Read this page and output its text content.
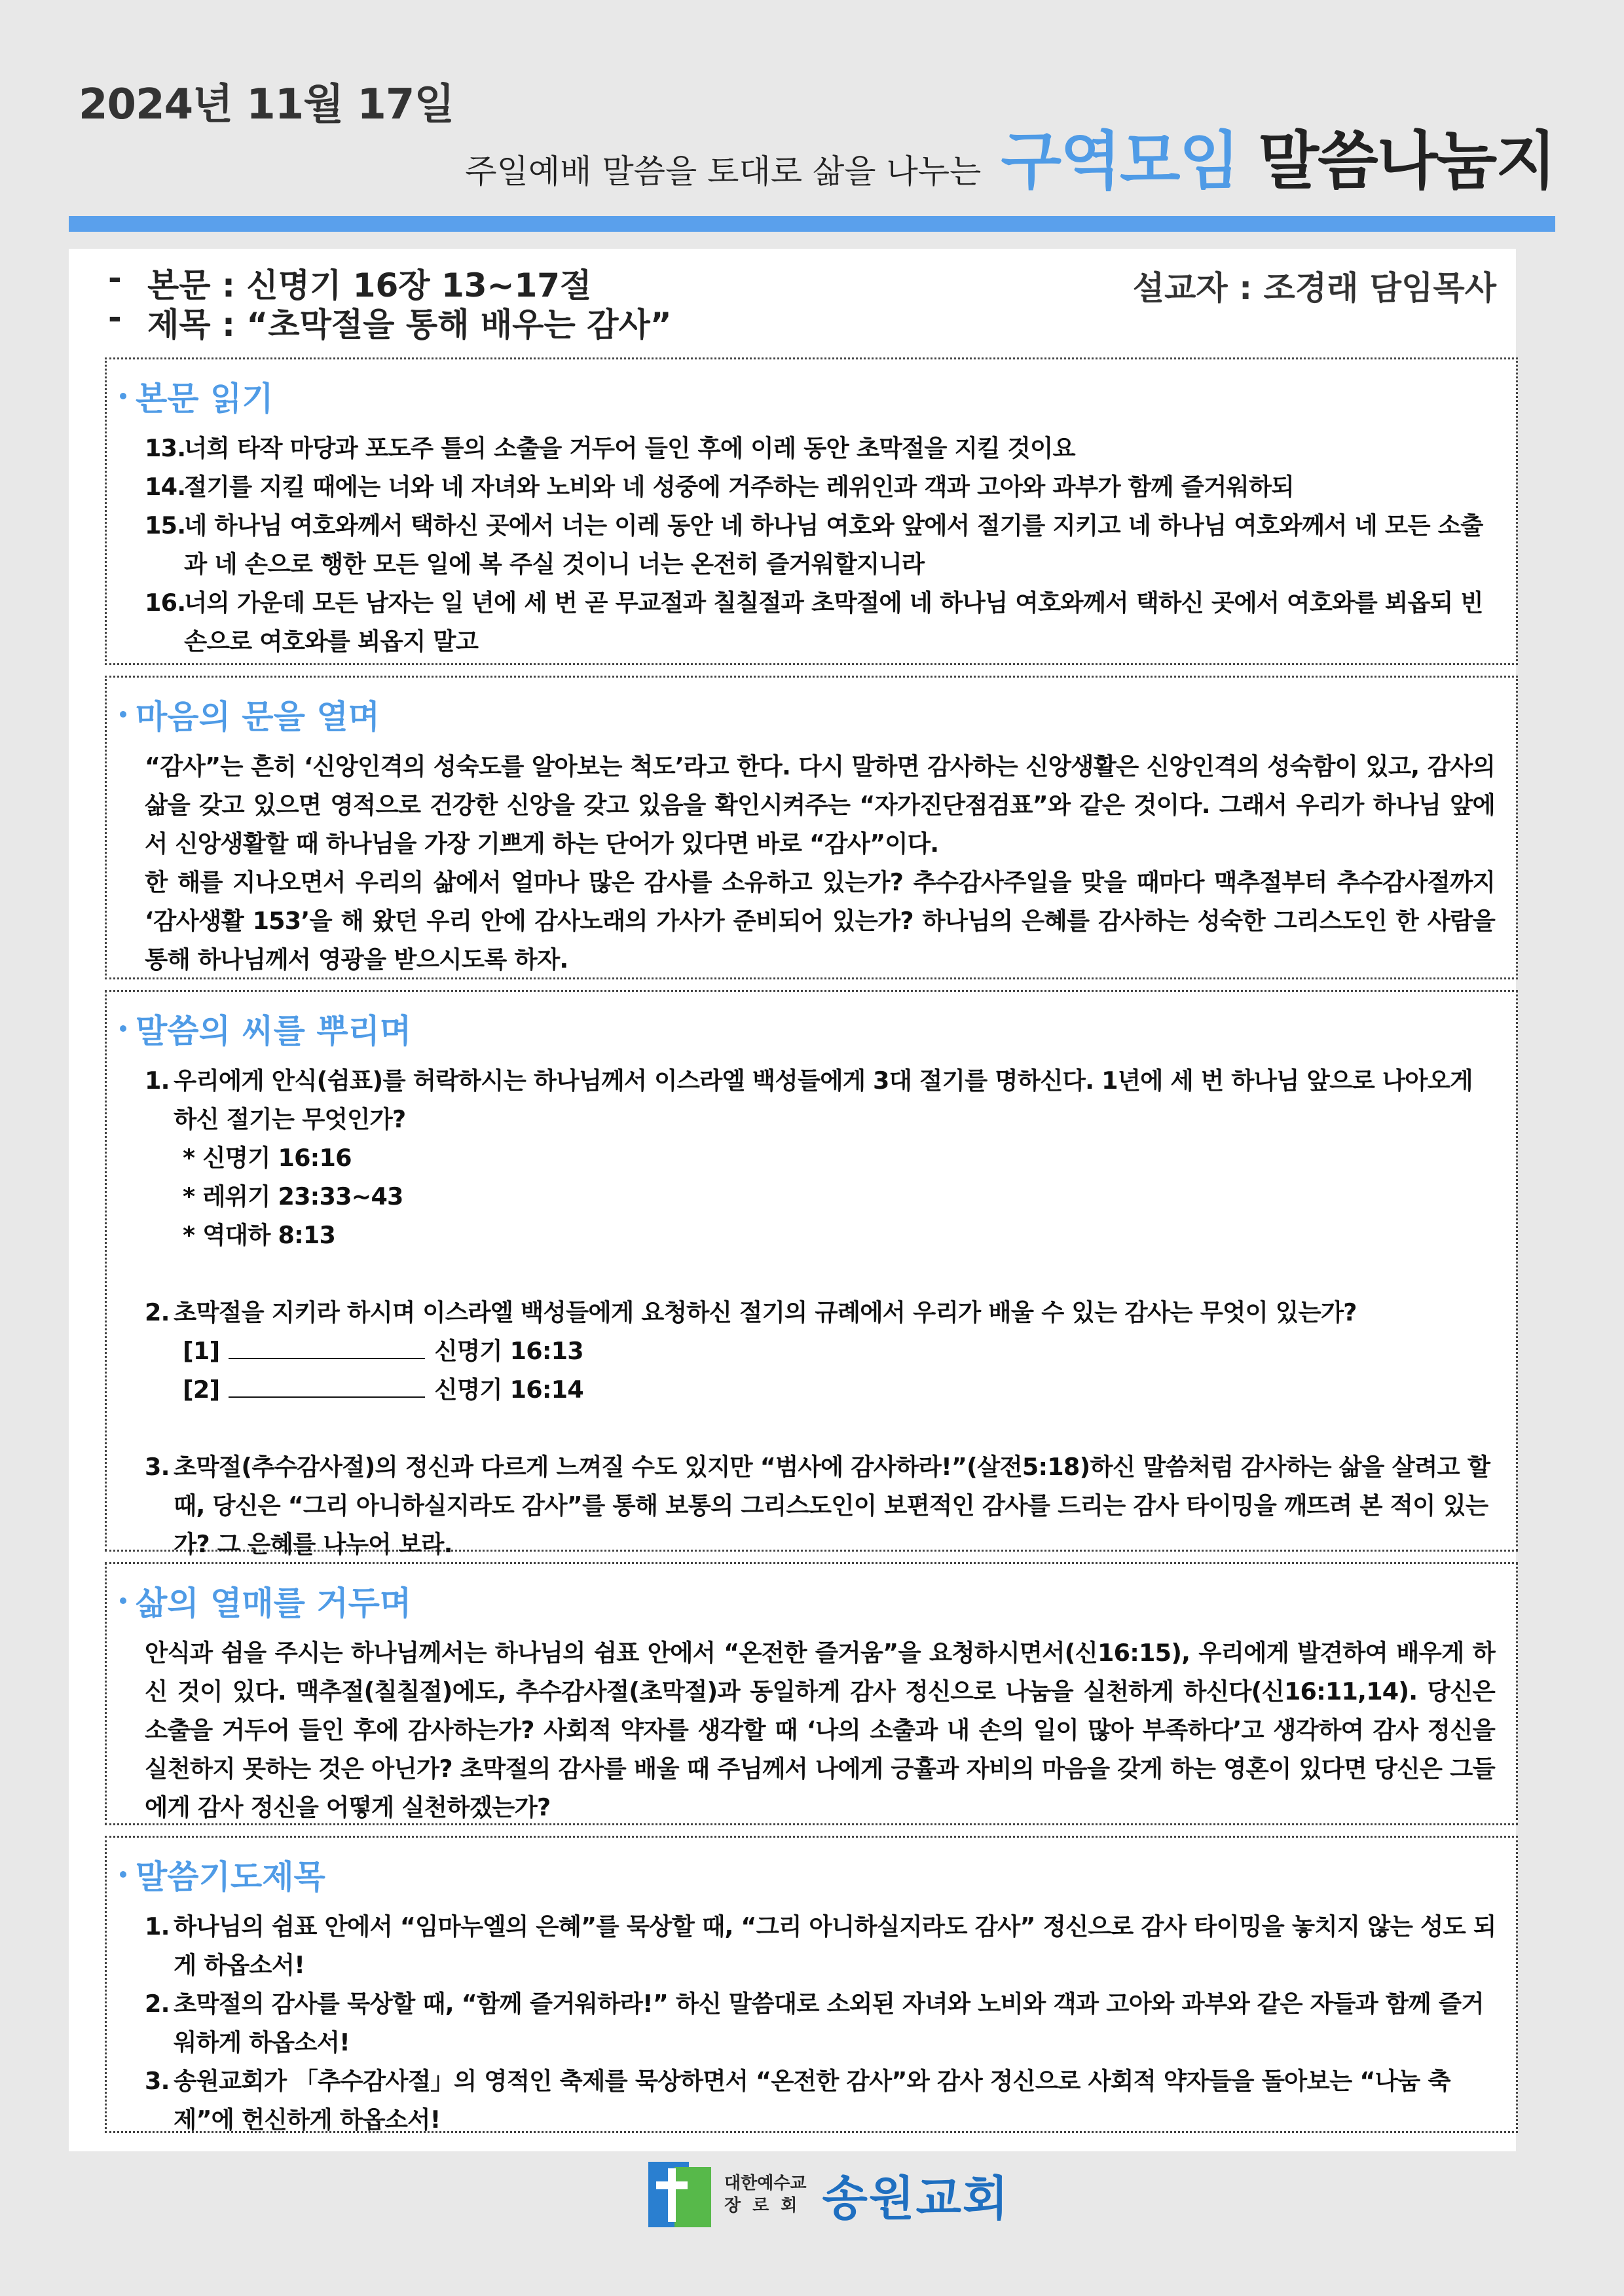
2024년 11월 17일
주일예배 말씀을 토대로 삶을 나누는 구역모임 말씀나눔지
- 본문 : 신명기 16장 13~17절
- 제목 : “초막절을 통해 배우는 감사”
설교자 : 조경래 담임목사
본문 읽기
13.
너희 타작 마당과 포도주 틀의 소출을 거두어 들인 후에 이레 동안 초막절을 지킬 것이요
14.
절기를 지킬 때에는 너와 네 자녀와 노비와 네 성중에 거주하는 레위인과 객과 고아와 과부가 함께 즐거워하되
15.
네 하나님 여호와께서 택하신 곳에서 너는 이레 동안 네 하나님 여호와 앞에서 절기를 지키고 네 하나님 여호와께서 네 모든 소출과 네 손으로 행한 모든 일에 복 주실 것이니 너는 온전히 즐거워할지니라
16.
너의 가운데 모든 남자는 일 년에 세 번 곧 무교절과 칠칠절과 초막절에 네 하나님 여호와께서 택하신 곳에서 여호와를 뵈옵되 빈손으로 여호와를 뵈옵지 말고
마음의 문을 열며
“감사”는 흔히 ‘신앙인격의 성숙도를 알아보는 척도’라고 한다. 다시 말하면 감사하는 신앙생활은 신앙인격의 성숙함이 있고, 감사의 삶을 갖고 있으면 영적으로 건강한 신앙을 갖고 있음을 확인시켜주는 “자가진단점검표”와 같은 것이다. 그래서 우리가 하나님 앞에서 신앙생활할 때 하나님을 가장 기쁘게 하는 단어가 있다면 바로 “감사”이다.
한 해를 지나오면서 우리의 삶에서 얼마나 많은 감사를 소유하고 있는가? 추수감사주일을 맞을 때마다 맥추절부터 추수감사절까지 ‘감사생활 153’을 해 왔던 우리 안에 감사노래의 가사가 준비되어 있는가? 하나님의 은혜를 감사하는 성숙한 그리스도인 한 사람을 통해 하나님께서 영광을 받으시도록 하자.
말씀의 씨를 뿌리며
1. 우리에게 안식(쉼표)를 허락하시는 하나님께서 이스라엘 백성들에게 3대 절기를 명하신다. 1년에 세 번 하나님 앞으로 나아오게 하신 절기는 무엇인가?
* 신명기 16:16
* 레위기 23:33~43
* 역대하 8:13
2. 초막절을 지키라 하시며 이스라엘 백성들에게 요청하신 절기의 규례에서 우리가 배울 수 있는 감사는 무엇이 있는가?
[1]	신명기 16:13
[2]	신명기 16:14
3. 초막절(추수감사절)의 정신과 다르게 느껴질 수도 있지만 “범사에 감사하라!”(살전5:18)하신 말씀처럼 감사하는 삶을 살려고 할 때, 당신은 “그리 아니하실지라도 감사”를 통해 보통의 그리스도인이 보편적인 감사를 드리는 감사 타이밍을 깨뜨려 본 적이 있는가? 그 은혜를 나누어 보라.
삶의 열매를 거두며
안식과 쉼을 주시는 하나님께서는 하나님의 쉼표 안에서 “온전한 즐거움”을 요청하시면서(신16:15), 우리에게 발견하여 배우게 하신 것이 있다. 맥추절(칠칠절)에도, 추수감사절(초막절)과 동일하게 감사 정신으로 나눔을 실천하게 하신다(신16:11,14). 당신은 소출을 거두어 들인 후에 감사하는가? 사회적 약자를 생각할 때 ‘나의 소출과 내 손의 일이 많아 부족하다’고 생각하여 감사 정신을 실천하지 못하는 것은 아닌가? 초막절의 감사를 배울 때 주님께서 나에게 긍휼과 자비의 마음을 갖게 하는 영혼이 있다면 당신은 그들에게 감사 정신을 어떻게 실천하겠는가?
말씀기도제목
1. 하나님의 쉼표 안에서 “임마누엘의 은혜”를 묵상할 때, “그리 아니하실지라도 감사” 정신으로 감사 타이밍을 놓치지 않는 성도 되게 하옵소서!
2. 초막절의 감사를 묵상할 때, “함께 즐거워하라!” 하신 말씀대로 소외된 자녀와 노비와 객과 고아와 과부와 같은 자들과 함께 즐거워하게 하옵소서!
3. 송원교회가 「추수감사절」의 영적인 축제를 묵상하면서 “온전한 감사”와 감사 정신으로 사회적 약자들을 돌아보는 “나눔 축제”에 헌신하게 하옵소서!
대한예수교
장로회 송원교회
